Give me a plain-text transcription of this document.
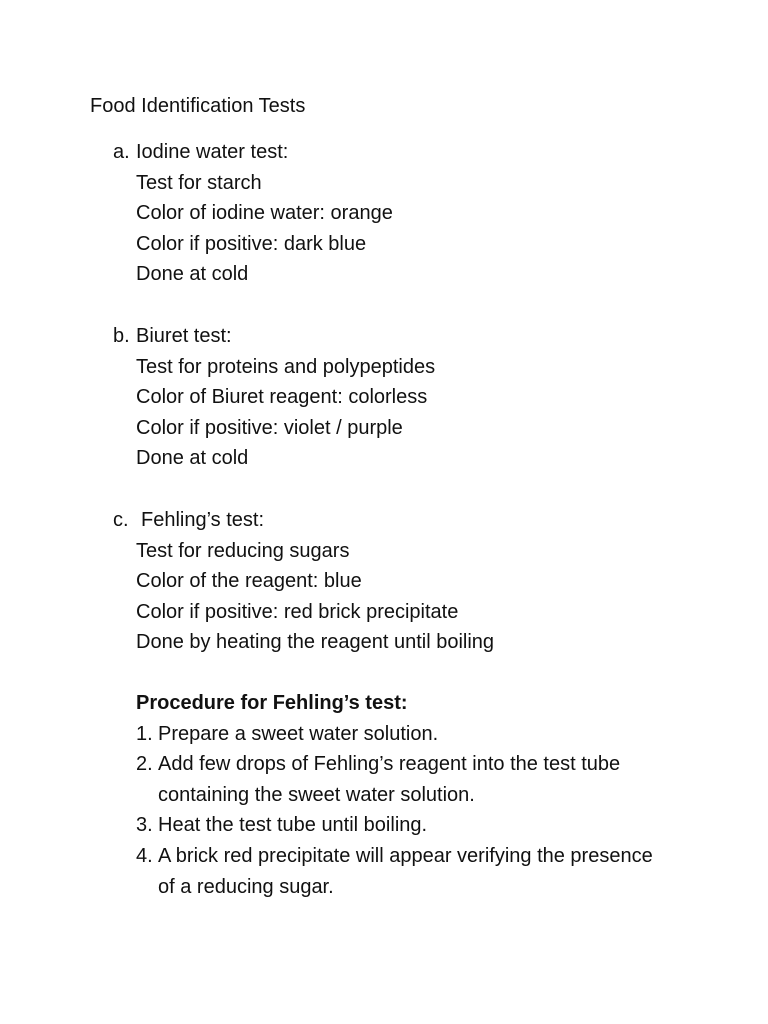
Food Identification Tests
a. Iodine water test:
Test for starch
Color of iodine water: orange
Color if positive: dark blue
Done at cold
b. Biuret test:
Test for proteins and polypeptides
Color of Biuret reagent: colorless
Color if positive: violet / purple
Done at cold
c. Fehling’s test:
Test for reducing sugars
Color of the reagent: blue
Color if positive: red brick precipitate
Done by heating the reagent until boiling
Procedure for Fehling’s test:
1. Prepare a sweet water solution.
2. Add few drops of Fehling’s reagent into the test tube containing the sweet water solution.
3. Heat the test tube until boiling.
4. A brick red precipitate will appear verifying the presence of a reducing sugar.
